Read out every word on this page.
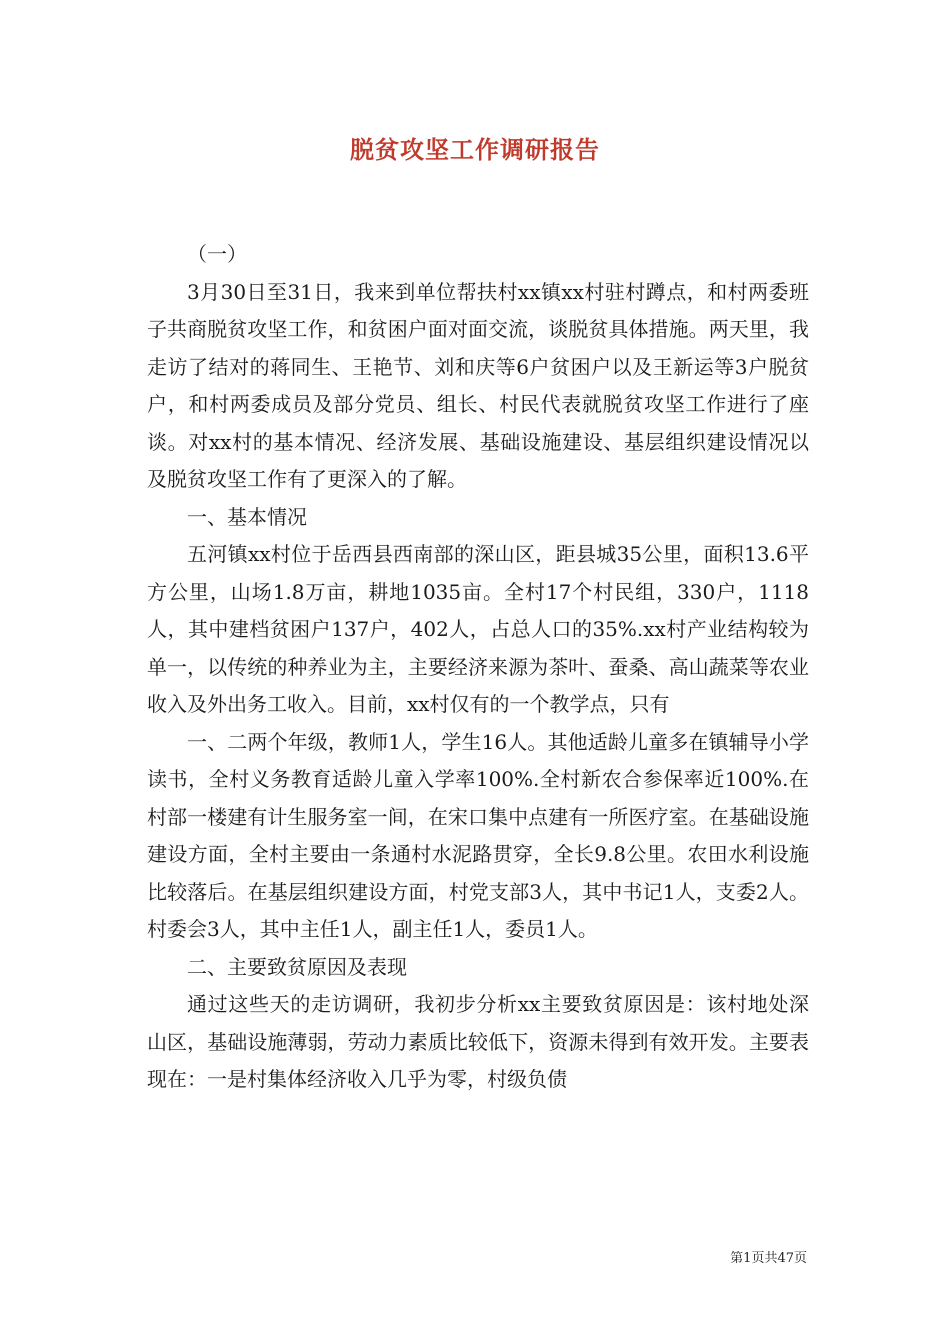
脱贫攻坚工作调研报告

（一）

3月30日至31日，我来到单位帮扶村xx镇xx村驻村蹲点，和村两委班子共商脱贫攻坚工作，和贫困户面对面交流，谈脱贫具体措施。两天里，我走访了结对的蒋同生、王艳节、刘和庆等6户贫困户以及王新运等3户脱贫户，和村两委成员及部分党员、组长、村民代表就脱贫攻坚工作进行了座谈。对xx村的基本情况、经济发展、基础设施建设、基层组织建设情况以及脱贫攻坚工作有了更深入的了解。

一、基本情况

五河镇xx村位于岳西县西南部的深山区，距县城35公里，面积13.6平方公里，山场1.8万亩，耕地1035亩。全村17个村民组，330户，1118人，其中建档贫困户137户，402人，占总人口的35%.xx村产业结构较为单一，以传统的种养业为主，主要经济来源为茶叶、蚕桑、高山蔬菜等农业收入及外出务工收入。目前，xx村仅有的一个教学点，只有

一、二两个年级，教师1人，学生16人。其他适龄儿童多在镇辅导小学读书，全村义务教育适龄儿童入学率100%.全村新农合参保率近100%.在村部一楼建有计生服务室一间，在宋口集中点建有一所医疗室。在基础设施建设方面，全村主要由一条通村水泥路贯穿，全长9.8公里。农田水利设施比较落后。在基层组织建设方面，村党支部3人，其中书记1人，支委2人。村委会3人，其中主任1人，副主任1人，委员1人。

二、主要致贫原因及表现

通过这些天的走访调研，我初步分析xx主要致贫原因是：该村地处深山区，基础设施薄弱，劳动力素质比较低下，资源未得到有效开发。主要表现在：一是村集体经济收入几乎为零，村级负债

第1页共47页
